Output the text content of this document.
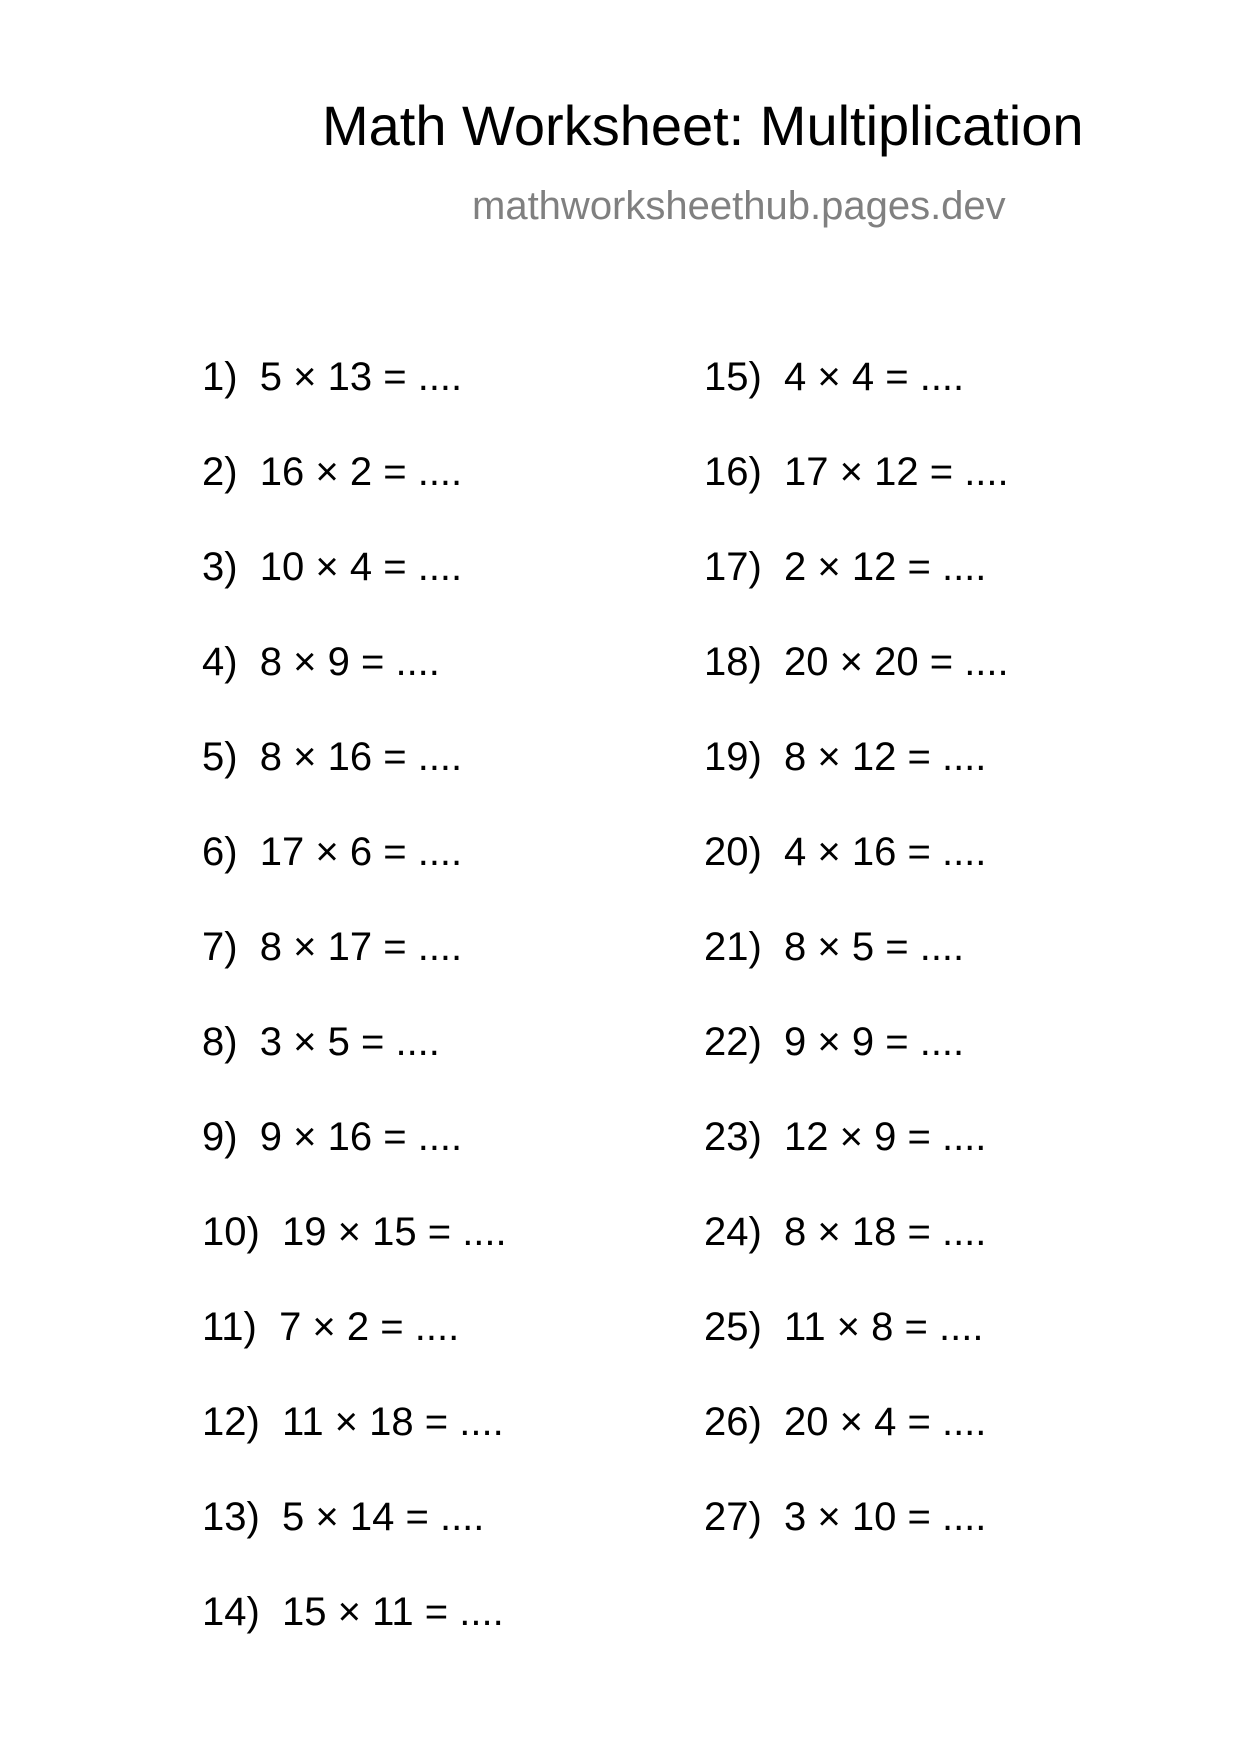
Math Worksheet: Multiplication
mathworksheethub.pages.dev
1)  5 × 13 = ....
2)  16 × 2 = ....
3)  10 × 4 = ....
4)  8 × 9 = ....
5)  8 × 16 = ....
6)  17 × 6 = ....
7)  8 × 17 = ....
8)  3 × 5 = ....
9)  9 × 16 = ....
10)  19 × 15 = ....
11)  7 × 2 = ....
12)  11 × 18 = ....
13)  5 × 14 = ....
14)  15 × 11 = ....
15)  4 × 4 = ....
16)  17 × 12 = ....
17)  2 × 12 = ....
18)  20 × 20 = ....
19)  8 × 12 = ....
20)  4 × 16 = ....
21)  8 × 5 = ....
22)  9 × 9 = ....
23)  12 × 9 = ....
24)  8 × 18 = ....
25)  11 × 8 = ....
26)  20 × 4 = ....
27)  3 × 10 = ....
